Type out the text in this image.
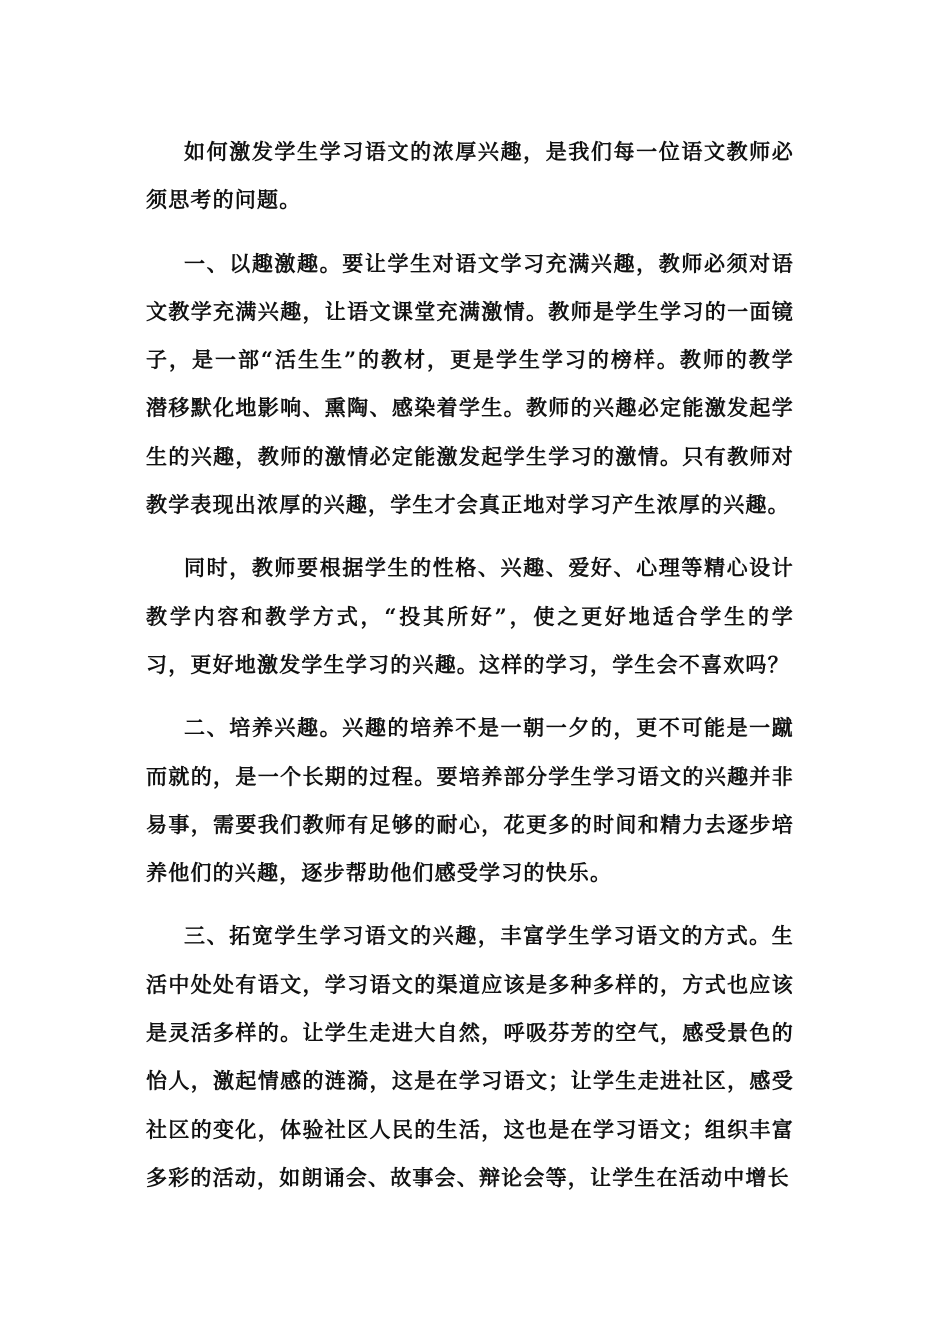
如何激发学生学习语文的浓厚兴趣，是我们每一位语文教师必须思考的问题。

一、以趣激趣。要让学生对语文学习充满兴趣，教师必须对语文教学充满兴趣，让语文课堂充满激情。教师是学生学习的一面镜子，是一部“活生生”的教材，更是学生学习的榜样。教师的教学潜移默化地影响、熏陶、感染着学生。教师的兴趣必定能激发起学生的兴趣，教师的激情必定能激发起学生学习的激情。只有教师对教学表现出浓厚的兴趣，学生才会真正地对学习产生浓厚的兴趣。

同时，教师要根据学生的性格、兴趣、爱好、心理等精心设计教学内容和教学方式，“投其所好”，使之更好地适合学生的学习，更好地激发学生学习的兴趣。这样的学习，学生会不喜欢吗？

二、培养兴趣。兴趣的培养不是一朝一夕的，更不可能是一蹴而就的，是一个长期的过程。要培养部分学生学习语文的兴趣并非易事，需要我们教师有足够的耐心，花更多的时间和精力去逐步培养他们的兴趣，逐步帮助他们感受学习的快乐。

三、拓宽学生学习语文的兴趣，丰富学生学习语文的方式。生活中处处有语文，学习语文的渠道应该是多种多样的，方式也应该是灵活多样的。让学生走进大自然，呼吸芬芳的空气，感受景色的怡人，激起情感的涟漪，这是在学习语文；让学生走进社区，感受社区的变化，体验社区人民的生活，这也是在学习语文；组织丰富多彩的活动，如朗诵会、故事会、辩论会等，让学生在活动中增长
